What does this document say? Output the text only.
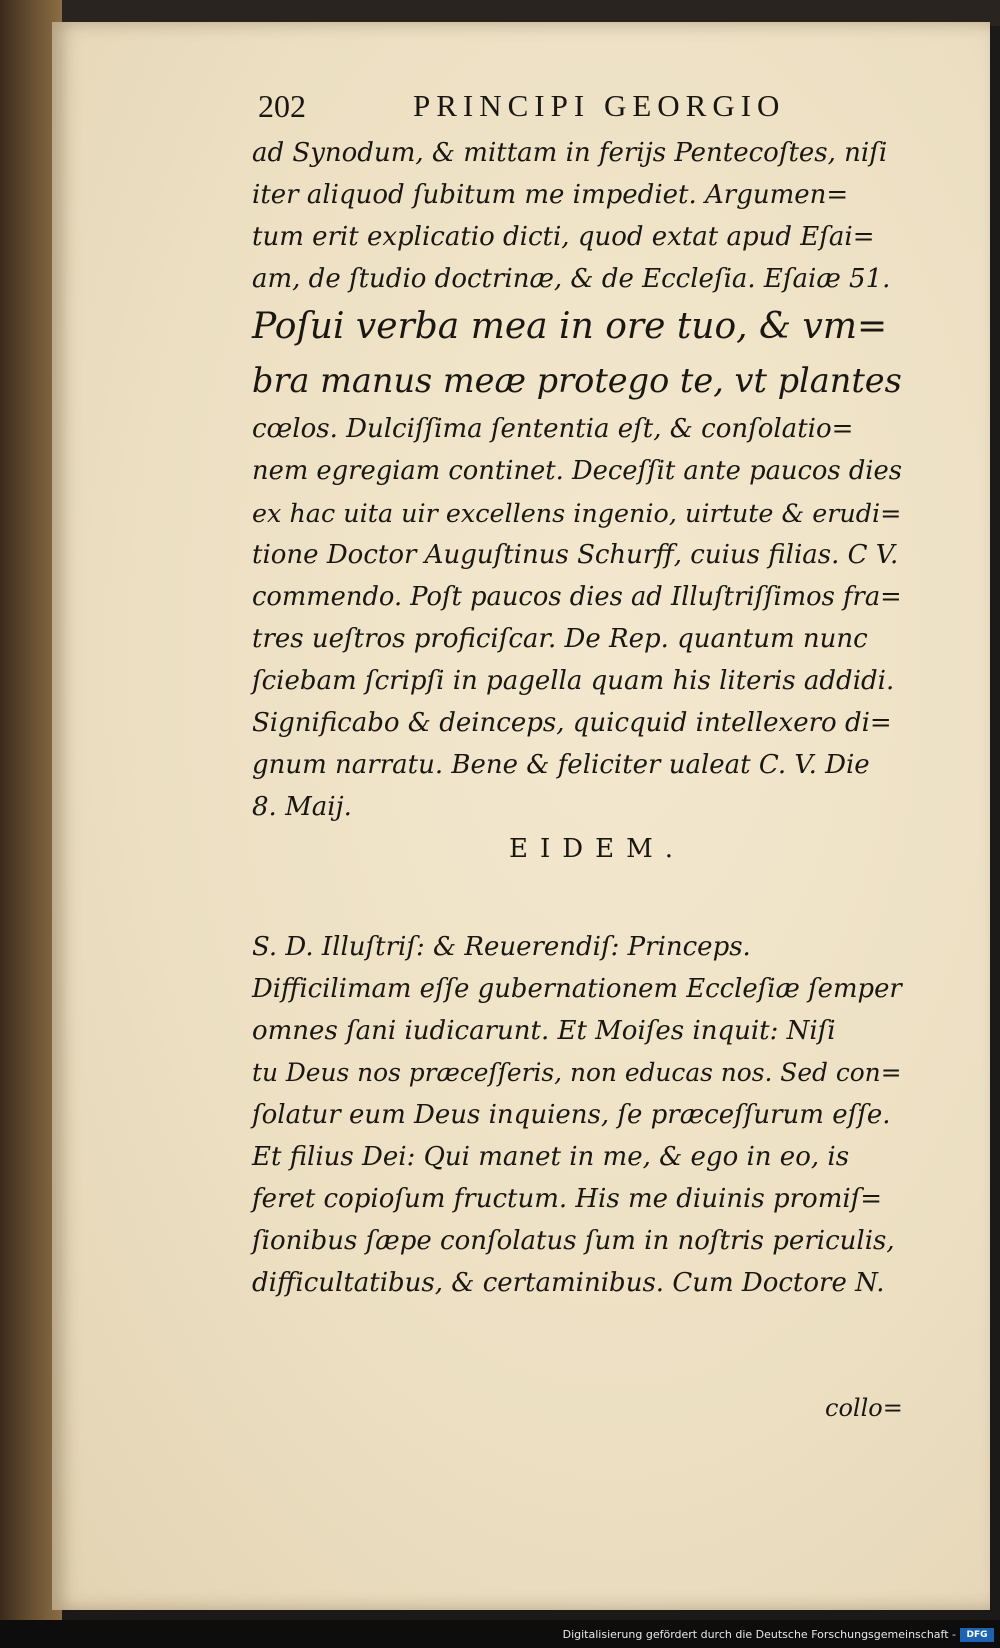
202	PRINCIPI GEORGIO
ad Synodum, & mittam in ferijs Pentecoſtes, niſi
iter aliquod ſubitum me impediet. Argumen=
tum erit explicatio dicti, quod extat apud Eſai=
am, de ſtudio doctrinæ, & de Eccleſia. Eſaiæ 51.
Poſui verba mea in ore tuo, & vm=
bra manus meæ protego te, vt plantes
cœlos. Dulciſſima ſententia eſt, & conſolatio=
nem egregiam continet. Deceſſit ante paucos dies
ex hac uita uir excellens ingenio, uirtute & erudi=
tione Doctor Auguſtinus Schurff, cuius filias. C V.
commendo. Poſt paucos dies ad Illuſtriſſimos fra=
tres ueſtros proficiſcar. De Rep. quantum nunc
ſciebam ſcripſi in pagella quam his literis addidi.
Significabo & deinceps, quicquid intellexero di=
gnum narratu. Bene & feliciter ualeat C. V. Die
8. Maij.
EIDEM.
S. D. Illuſtriſ: & Reuerendiſ: Princeps.
Difficilimam eſſe gubernationem Eccleſiæ ſemper
omnes ſani iudicarunt. Et Moiſes inquit: Niſi
tu Deus nos præceſſeris, non educas nos. Sed con=
ſolatur eum Deus inquiens, ſe præceſſurum eſſe.
Et filius Dei: Qui manet in me, & ego in eo, is
feret copioſum fructum. His me diuinis promiſ=
ſionibus ſæpe conſolatus ſum in noſtris periculis,
difficultatibus, & certaminibus. Cum Doctore N.
collo=
Digitalisierung gefördert durch die Deutsche Forschungsgemeinschaft -	DFG
